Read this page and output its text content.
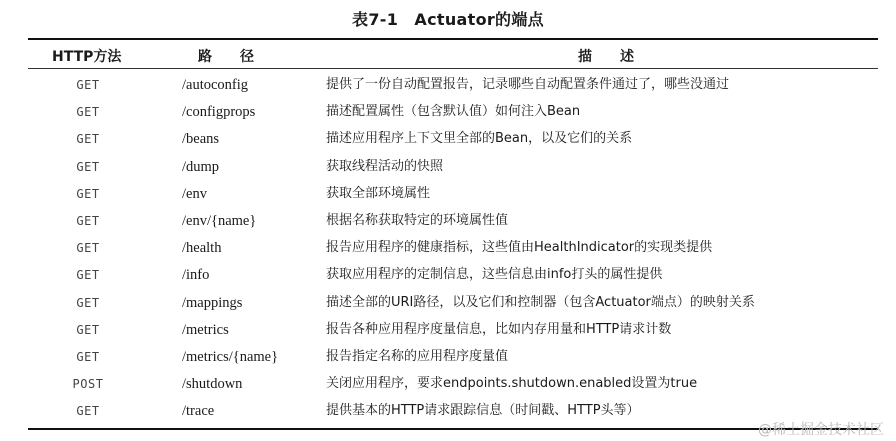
表7-1　Actuator的端点
HTTP方法	路径	描述
GET	/autoconfig	提供了一份自动配置报告，记录哪些自动配置条件通过了，哪些没通过
GET	/configprops	描述配置属性（包含默认值）如何注入Bean
GET	/beans	描述应用程序上下文里全部的Bean，以及它们的关系
GET	/dump	获取线程活动的快照
GET	/env	获取全部环境属性
GET	/env/{name}	根据名称获取特定的环境属性值
GET	/health	报告应用程序的健康指标，这些值由HealthIndicator的实现类提供
GET	/info	获取应用程序的定制信息，这些信息由info打头的属性提供
GET	/mappings	描述全部的URI路径，以及它们和控制器（包含Actuator端点）的映射关系
GET	/metrics	报告各种应用程序度量信息，比如内存用量和HTTP请求计数
GET	/metrics/{name}	报告指定名称的应用程序度量值
POST	/shutdown	关闭应用程序，要求endpoints.shutdown.enabled设置为true
GET	/trace	提供基本的HTTP请求跟踪信息（时间戳、HTTP头等）
@稀土掘金技术社区
